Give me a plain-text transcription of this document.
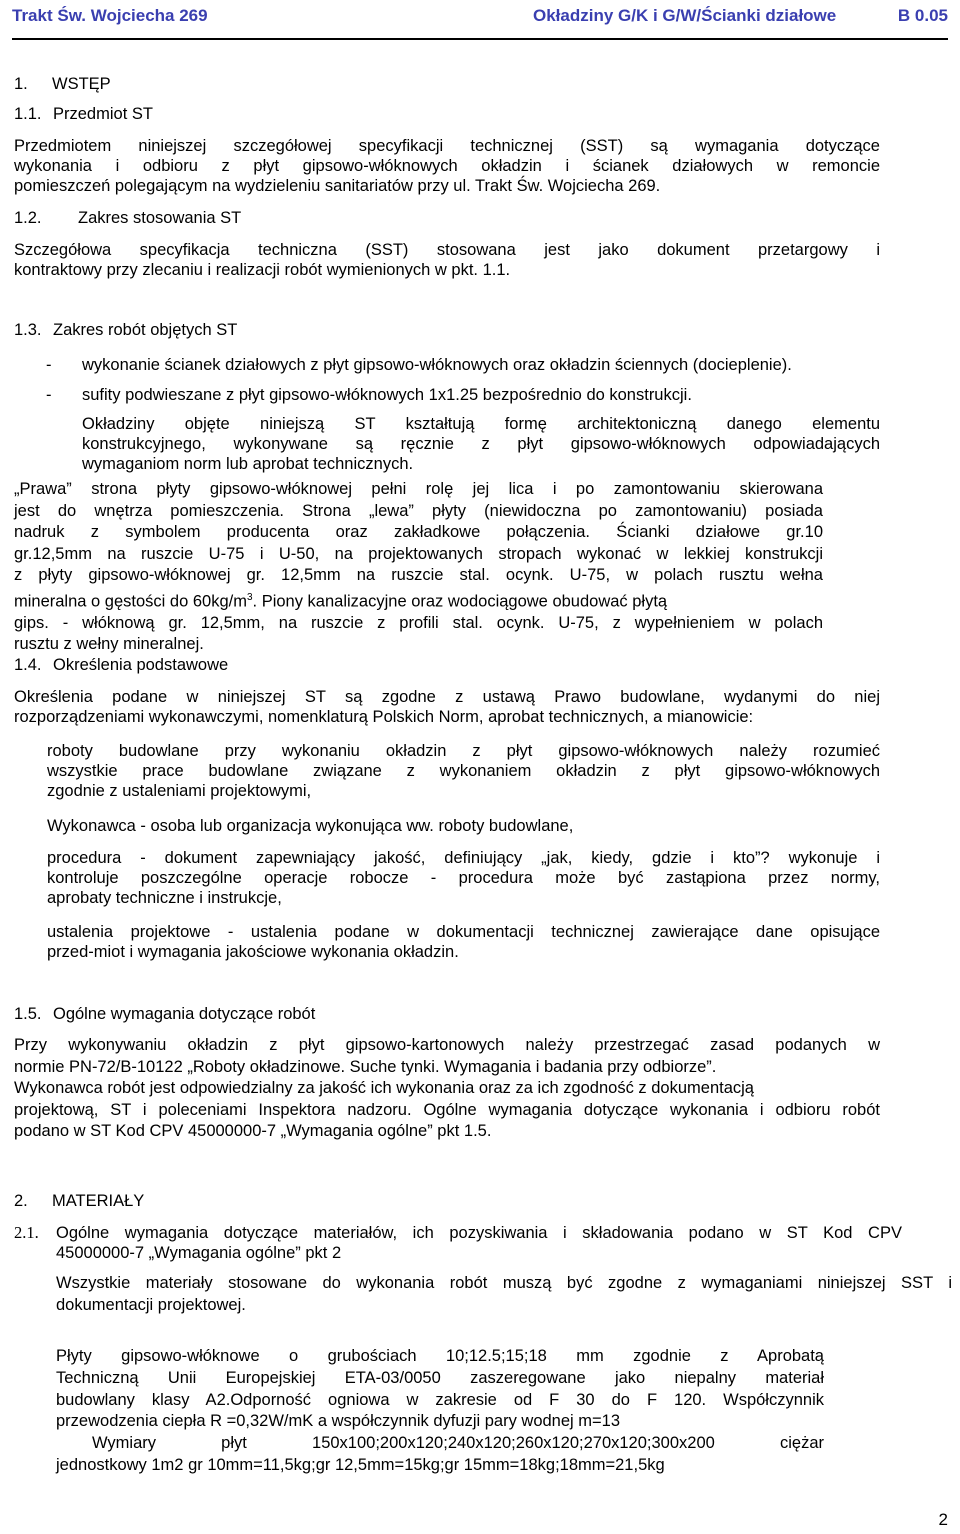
Trakt Św. Wojciecha 269	Okładziny G/K i G/W/Ścianki działowe	B 0.05
1. WSTĘP
1.1. Przedmiot ST
Przedmiotem niniejszej szczegółowej specyfikacji technicznej (SST) są wymagania dotyczące
wykonania i odbioru z płyt gipsowo-włóknowych okładzin i ścianek działowych w remoncie
pomieszczeń polegającym na wydzieleniu sanitariatów przy ul. Trakt Św. Wojciecha 269.
1.2. Zakres stosowania ST
Szczegółowa specyfikacja techniczna (SST) stosowana jest jako dokument przetargowy i
kontraktowy przy zlecaniu i realizacji robót wymienionych w pkt. 1.1.
1.3. Zakres robót objętych ST
- wykonanie ścianek działowych z płyt gipsowo-włóknowych oraz okładzin ściennych (docieplenie).
- sufity podwieszane z płyt gipsowo-włóknowych 1x1.25 bezpośrednio do konstrukcji.
Okładziny objęte niniejszą ST kształtują formę architektoniczną danego elementu
konstrukcyjnego, wykonywane są ręcznie z płyt gipsowo-włóknowych odpowiadających
wymaganiom norm lub aprobat technicznych.
„Prawa” strona płyty gipsowo-włóknowej pełni rolę jej lica i po zamontowaniu skierowana
jest do wnętrza pomieszczenia. Strona „lewa” płyty (niewidoczna po zamontowaniu) posiada
nadruk z symbolem producenta oraz zakładkowe połączenia. Ścianki działowe gr.10
gr.12,5mm na ruszcie U-75 i U-50, na projektowanych stropach wykonać w lekkiej konstrukcji
z płyty gipsowo-włóknowej gr. 12,5mm na ruszcie stal. ocynk. U-75, w polach rusztu wełna
mineralna o gęstości do $60kg/m^3$. Piony kanalizacyjne oraz wodociągowe obudować płytą
gips. - włóknową gr. 12,5mm, na ruszcie z profili stal. ocynk. U-75, z wypełnieniem w polach
rusztu z wełny mineralnej.
1.4. Określenia podstawowe
Określenia podane w niniejszej ST są zgodne z ustawą Prawo budowlane, wydanymi do niej
rozporządzeniami wykonawczymi, nomenklaturą Polskich Norm, aprobat technicznych, a mianowicie:
roboty budowlane przy wykonaniu okładzin z płyt gipsowo-włóknowych należy rozumieć
wszystkie prace budowlane związane z wykonaniem okładzin z płyt gipsowo-włóknowych
zgodnie z ustaleniami projektowymi,
Wykonawca - osoba lub organizacja wykonująca ww. roboty budowlane,
procedura - dokument zapewniający jakość, definiujący „jak, kiedy, gdzie i kto”? wykonuje i
kontroluje poszczególne operacje robocze - procedura może być zastąpiona przez normy,
aprobaty techniczne i instrukcje,
ustalenia projektowe - ustalenia podane w dokumentacji technicznej zawierające dane opisujące
przed-miot i wymagania jakościowe wykonania okładzin.
1.5. Ogólne wymagania dotyczące robót
Przy wykonywaniu okładzin z płyt gipsowo-kartonowych należy przestrzegać zasad podanych w
normie PN-72/B-10122 „Roboty okładzinowe. Suche tynki. Wymagania i badania przy odbiorze”.
Wykonawca robót jest odpowiedzialny za jakość ich wykonania oraz za ich zgodność z dokumentacją
projektową, ST i poleceniami Inspektora nadzoru. Ogólne wymagania dotyczące wykonania i odbioru robót
podano w ST Kod CPV 45000000-7 „Wymagania ogólne” pkt 1.5.
2. MATERIAŁY
2.1. Ogólne wymagania dotyczące materiałów, ich pozyskiwania i składowania podano w ST Kod CPV
45000000-7 „Wymagania ogólne” pkt 2
Wszystkie materiały stosowane do wykonania robót muszą być zgodne z wymaganiami niniejszej SST i
dokumentacji projektowej.
Płyty gipsowo-włóknowe o grubościach 10;12.5;15;18 mm zgodnie z Aprobatą
Techniczną Unii Europejskiej ETA-03/0050 zaszeregowane jako niepalny materiał
budowlany klasy A2.Odporność ogniowa w zakresie od F 30 do F 120. Współczynnik
przewodzenia ciepła R =0,32W/mK a współczynnik dyfuzji pary wodnej m=13
Wymiary płyt 150x100;200x120;240x120;260x120;270x120;300x200 ciężar
jednostkowy 1m2 gr 10mm=11,5kg;gr 12,5mm=15kg;gr 15mm=18kg;18mm=21,5kg
2
